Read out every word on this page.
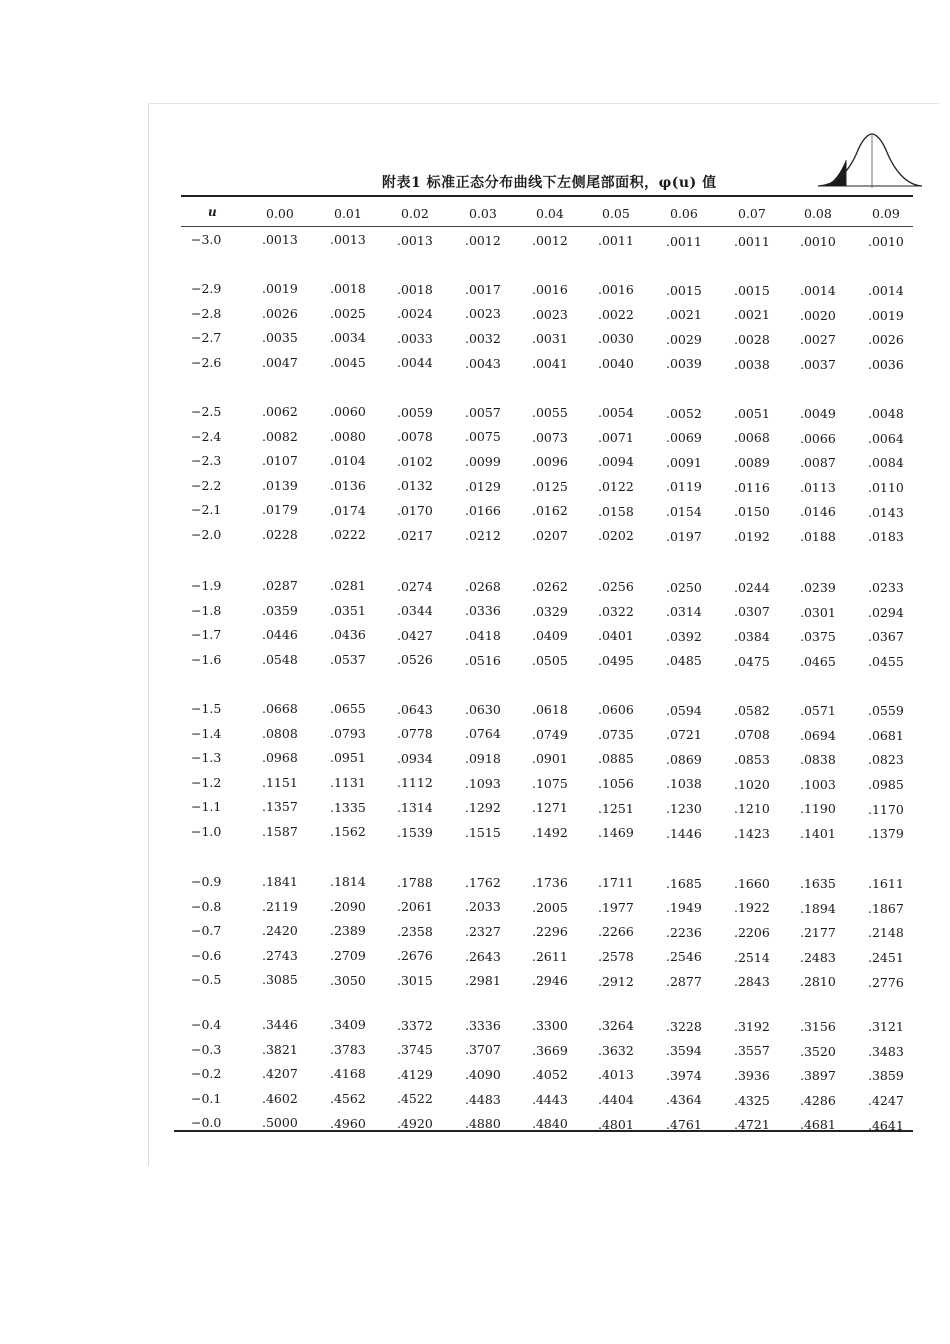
附表1 标准正态分布曲线下左侧尾部面积，φ(u) 值
u	0.00	0.01	0.02	0.03	0.04	0.05	0.06	0.07	0.08	0.09
−3.0	.0013	.0013 .0013	.0012 .0012 .0011	.0011	.0011 .0010	.0010
−2.9	.0019	.0018 .0018	.0017 .0016 .0016	.0015	.0015 .0014	.0014
−2.8	.0026	.0025 .0024	.0023 .0023 .0022	.0021	.0021 .0020	.0019
−2.7	.0035	.0034 .0033	.0032 .0031 .0030	.0029	.0028 .0027	.0026
−2.6	.0047	.0045 .0044	.0043 .0041 .0040	.0039	.0038 .0037	.0036
−2.5	.0062	.0060 .0059	.0057 .0055 .0054	.0052	.0051 .0049	.0048
−2.4	.0082	.0080 .0078	.0075 .0073 .0071	.0069	.0068 .0066	.0064
−2.3	.0107	.0104 .0102	.0099 .0096 .0094	.0091	.0089 .0087	.0084
−2.2	.0139	.0136 .0132	.0129 .0125 .0122	.0119	.0116 .0113	.0110
−2.1	.0179	.0174 .0170	.0166 .0162 .0158	.0154	.0150 .0146	.0143
−2.0	.0228	.0222 .0217	.0212 .0207 .0202	.0197	.0192 .0188	.0183
−1.9	.0287	.0281 .0274	.0268 .0262 .0256	.0250	.0244 .0239	.0233
−1.8	.0359	.0351 .0344	.0336 .0329 .0322	.0314	.0307 .0301	.0294
−1.7	.0446	.0436 .0427	.0418 .0409 .0401	.0392	.0384 .0375	.0367
−1.6	.0548	.0537 .0526	.0516 .0505 .0495	.0485	.0475 .0465	.0455
−1.5	.0668	.0655 .0643	.0630 .0618 .0606	.0594	.0582 .0571	.0559
−1.4	.0808	.0793 .0778	.0764 .0749 .0735	.0721	.0708 .0694	.0681
−1.3	.0968	.0951 .0934	.0918 .0901 .0885	.0869	.0853 .0838	.0823
−1.2	.1151	.1131 .1112	.1093 .1075 .1056	.1038	.1020 .1003	.0985
−1.1	.1357	.1335 .1314	.1292 .1271 .1251	.1230	.1210 .1190	.1170
−1.0	.1587	.1562 .1539	.1515 .1492 .1469	.1446	.1423 .1401	.1379
−0.9	.1841	.1814 .1788	.1762 .1736 .1711	.1685	.1660 .1635	.1611
−0.8	.2119	.2090 .2061	.2033 .2005 .1977	.1949	.1922 .1894	.1867
−0.7	.2420	.2389 .2358	.2327 .2296 .2266	.2236	.2206 .2177	.2148
−0.6	.2743	.2709 .2676	.2643 .2611 .2578	.2546	.2514 .2483	.2451
−0.5	.3085	.3050 .3015	.2981 .2946 .2912	.2877	.2843 .2810	.2776
−0.4	.3446	.3409 .3372	.3336 .3300 .3264	.3228	.3192 .3156	.3121
−0.3	.3821	.3783 .3745	.3707 .3669 .3632	.3594	.3557 .3520	.3483
−0.2	.4207	.4168 .4129	.4090 .4052 .4013	.3974	.3936 .3897	.3859
−0.1	.4602	.4562 .4522	.4483 .4443 .4404	.4364	.4325 .4286	.4247
−0.0	.5000	.4960 .4920	.4880 .4840 .4801	.4761	.4721 .4681	.4641
